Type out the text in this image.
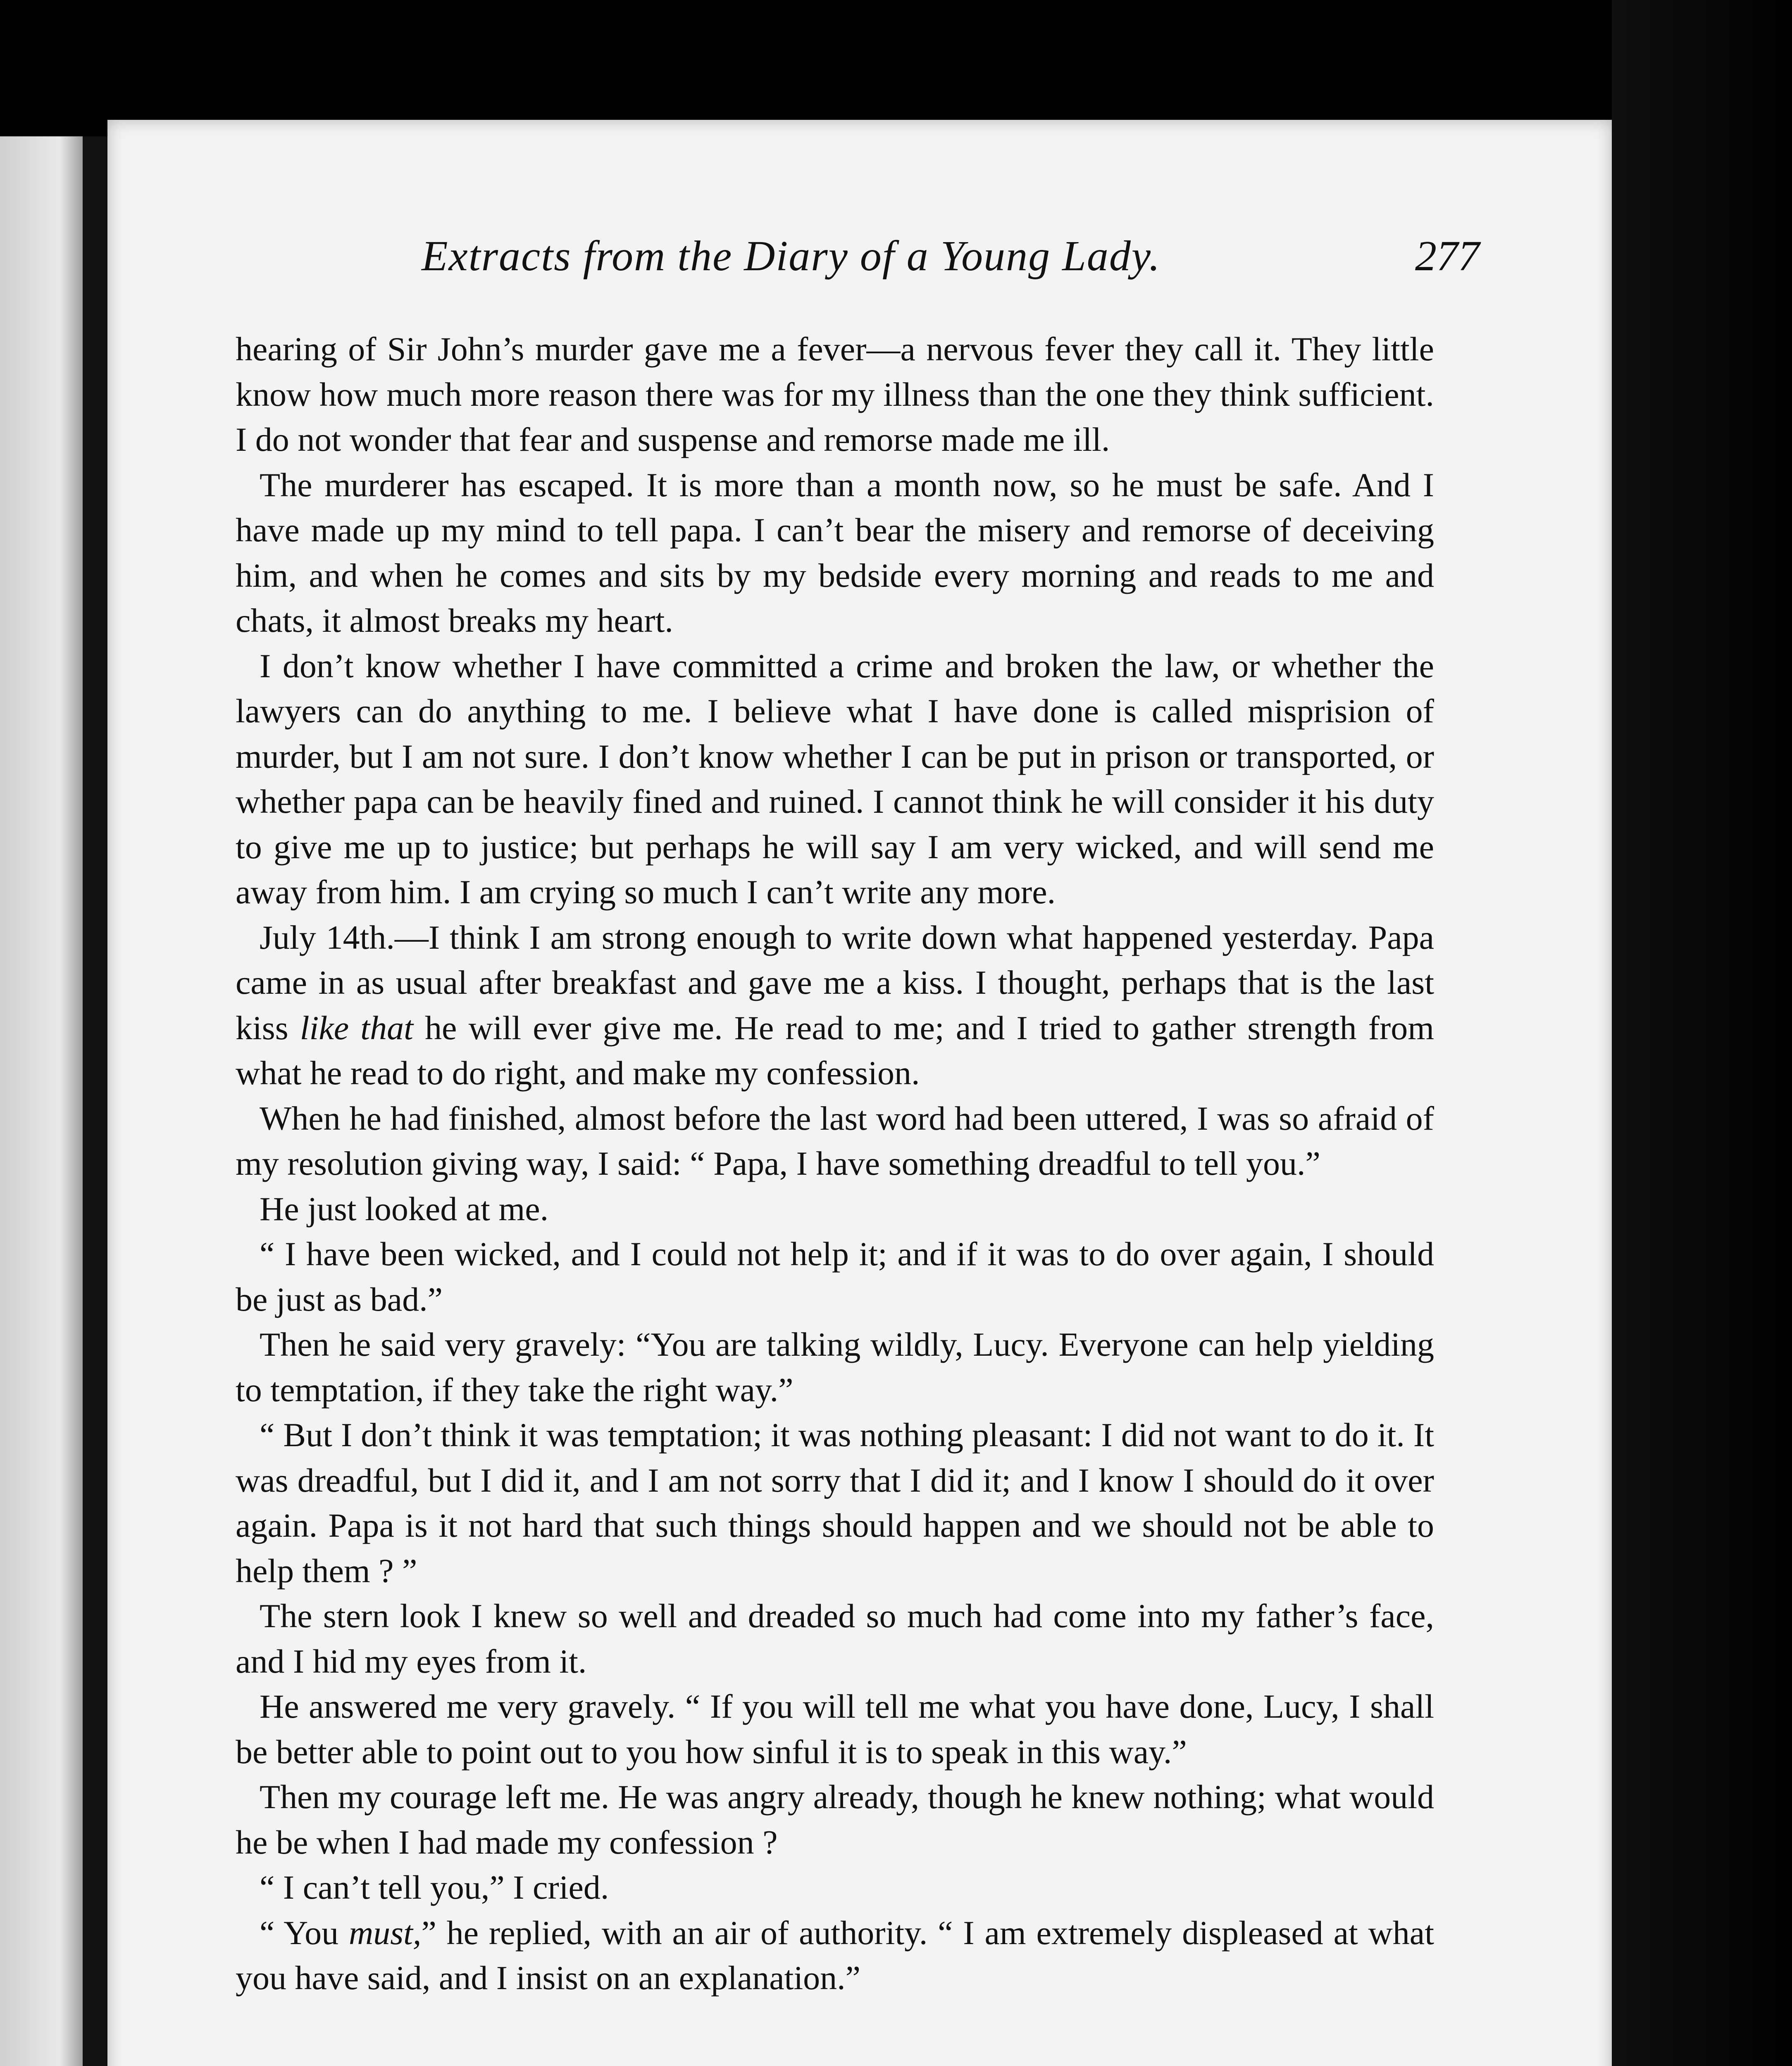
Extracts from the Diary of a Young Lady.	277

hearing of Sir John’s murder gave me a fever—a nervous fever they call it. They little know how much more reason there was for my illness than the one they think sufficient. I do not wonder that fear and suspense and remorse made me ill.

The murderer has escaped. It is more than a month now, so he must be safe. And I have made up my mind to tell papa. I can’t bear the misery and remorse of deceiving him, and when he comes and sits by my bedside every morning and reads to me and chats, it almost breaks my heart.

I don’t know whether I have committed a crime and broken the law, or whether the lawyers can do anything to me. I believe what I have done is called misprision of murder, but I am not sure. I don’t know whether I can be put in prison or transported, or whether papa can be heavily fined and ruined. I cannot think he will consider it his duty to give me up to justice; but perhaps he will say I am very wicked, and will send me away from him. I am crying so much I can’t write any more.

July 14th.—I think I am strong enough to write down what happened yesterday. Papa came in as usual after breakfast and gave me a kiss. I thought, perhaps that is the last kiss like that he will ever give me. He read to me; and I tried to gather strength from what he read to do right, and make my confession.

When he had finished, almost before the last word had been uttered, I was so afraid of my resolution giving way, I said: “ Papa, I have something dreadful to tell you.”

He just looked at me.

“ I have been wicked, and I could not help it; and if it was to do over again, I should be just as bad.”

Then he said very gravely: “You are talking wildly, Lucy. Everyone can help yielding to temptation, if they take the right way.”

“ But I don’t think it was temptation; it was nothing pleasant: I did not want to do it. It was dreadful, but I did it, and I am not sorry that I did it; and I know I should do it over again. Papa is it not hard that such things should happen and we should not be able to help them ? ”

The stern look I knew so well and dreaded so much had come into my father’s face, and I hid my eyes from it.

He answered me very gravely. “ If you will tell me what you have done, Lucy, I shall be better able to point out to you how sinful it is to speak in this way.”

Then my courage left me. He was angry already, though he knew nothing; what would he be when I had made my confession ?

“ I can’t tell you,” I cried.

“ You must,” he replied, with an air of authority. “ I am extremely displeased at what you have said, and I insist on an explanation.”
